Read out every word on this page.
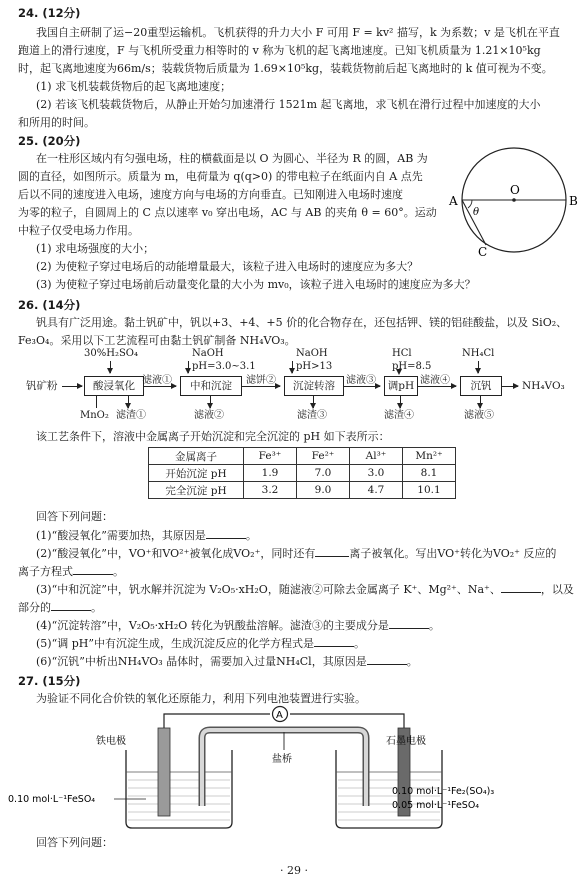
24. (12分)
我国自主研制了运−20重型运输机。飞机获得的升力大小 F 可用 F = kv² 描写，k 为系数；v 是飞机在平直
跑道上的滑行速度，F 与飞机所受重力相等时的 v 称为飞机的起飞离地速度。已知飞机质量为 1.21×10⁵kg
时，起飞离地速度为66m/s；装载货物后质量为 1.69×10⁵kg，装载货物前后起飞离地时的 k 值可视为不变。
(1) 求飞机装载货物后的起飞离地速度；
(2) 若该飞机装载货物后，从静止开始匀加速滑行 1521m 起飞离地，求飞机在滑行过程中加速度的大小
和所用的时间。
25. (20分)
在一柱形区域内有匀强电场，柱的横截面是以 O 为圆心、半径为 R 的圆，AB 为
圆的直径，如图所示。质量为 m，电荷量为 q(q>0) 的带电粒子在纸面内自 A 点先
后以不同的速度进入电场，速度方向与电场的方向垂直。已知刚进入电场时速度
为零的粒子，自圆周上的 C 点以速率 v₀ 穿出电场，AC 与 AB 的夹角 θ = 60°。运动
中粒子仅受电场力作用。
(1) 求电场强度的大小；
(2) 为使粒子穿过电场后的动能增量最大，该粒子进入电场时的速度应为多大？
(3) 为使粒子穿过电场前后动量变化量的大小为 mv₀，该粒子进入电场时的速度应为多大？
A	B
O
C
θ
26. (14分)
钒具有广泛用途。黏土钒矿中，钒以+3、+4、+5 价的化合物存在，还包括钾、镁的铝硅酸盐，以及 SiO₂、
Fe₃O₄。采用以下工艺流程可由黏土钒矿制备 NH₄VO₃。
30%H₂SO₄	NaOH
pH=3.0~3.1
NaOH
pH>13
HCl
pH=8.5
NH₄Cl
钒矿粉	酸浸氧化 滤液①	中和沉淀	滤饼②	沉淀转溶	滤液③	调pH 滤液④	沉钒	NH₄VO₃
MnO₂ 滤渣①	滤液②	滤渣③	滤渣④	滤液⑤
该工艺条件下，溶液中金属离子开始沉淀和完全沉淀的 pH 如下表所示：
金属离子	Fe³⁺	Fe²⁺	Al³⁺	Mn²⁺
开始沉淀 pH	1.9	7.0	3.0	8.1
完全沉淀 pH	3.2	9.0	4.7	10.1
回答下列问题：
(1)“酸浸氧化”需要加热，其原因是	。
(2)“酸浸氧化”中，VO⁺和VO²⁺被氧化成VO₂⁺，同时还有	离子被氧化。写出VO⁺转化为VO₂⁺ 反应的
离子方程式	。
(3)“中和沉淀”中，钒水解并沉淀为 V₂O₅·xH₂O，随滤液②可除去金属离子 K⁺、Mg²⁺、Na⁺、	，以及
部分的	。
(4)“沉淀转溶”中，V₂O₅·xH₂O 转化为钒酸盐溶解。滤渣③的主要成分是	。
(5)“调 pH”中有沉淀生成，生成沉淀反应的化学方程式是	。
(6)“沉钒”中析出NH₄VO₃ 晶体时，需要加入过量NH₄Cl，其原因是	。
27. (15分)
为验证不同化合价铁的氧化还原能力，利用下列电池装置进行实验。
A
铁电极	石墨电极
盐桥
0.10 mol·L⁻¹FeSO₄
0.10 mol·L⁻¹Fe₂(SO₄)₃
0.05 mol·L⁻¹FeSO₄
回答下列问题：
· 29 ·
